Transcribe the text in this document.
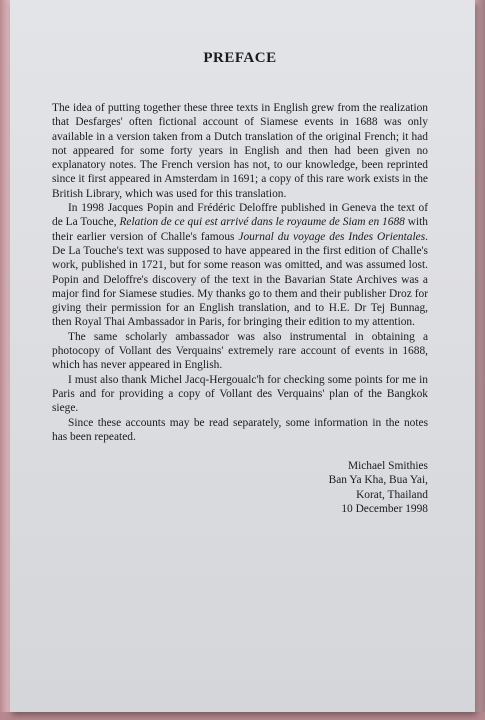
PREFACE

The idea of putting together these three texts in English grew from the realization that Desfarges' often fictional account of Siamese events in 1688 was only available in a version taken from a Dutch translation of the original French; it had not appeared for some forty years in English and then had been given no explanatory notes. The French version has not, to our knowledge, been reprinted since it first appeared in Amsterdam in 1691; a copy of this rare work exists in the British Library, which was used for this translation.

In 1998 Jacques Popin and Frédéric Deloffre published in Geneva the text of de La Touche, Relation de ce qui est arrivé dans le royaume de Siam en 1688 with their earlier version of Challe's famous Journal du voyage des Indes Orientales. De La Touche's text was supposed to have appeared in the first edition of Challe's work, published in 1721, but for some reason was omitted, and was assumed lost. Popin and Deloffre's discovery of the text in the Bavarian State Archives was a major find for Siamese studies. My thanks go to them and their publisher Droz for giving their permission for an English translation, and to H.E. Dr Tej Bunnag, then Royal Thai Ambassador in Paris, for bringing their edition to my attention.

The same scholarly ambassador was also instrumental in obtaining a photocopy of Vollant des Verquains' extremely rare account of events in 1688, which has never appeared in English.

I must also thank Michel Jacq-Hergoualc'h for checking some points for me in Paris and for providing a copy of Vollant des Verquains' plan of the Bangkok siege.

Since these accounts may be read separately, some information in the notes has been repeated.

Michael Smithies
Ban Ya Kha, Bua Yai,
Korat, Thailand
10 December 1998
